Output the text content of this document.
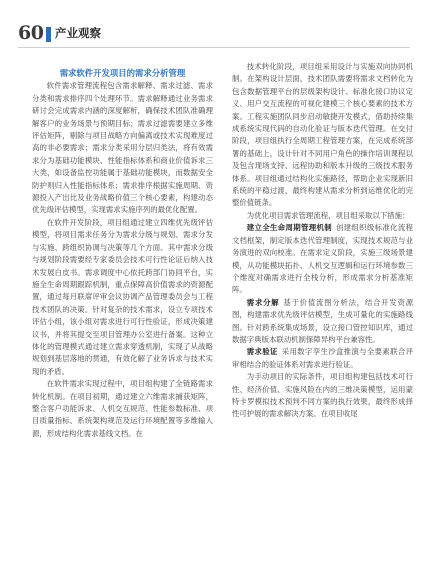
60 产业观察
需求软件开发项目的需求分析管理

软件需求管理流程包含需求解释、需求过滤、需求分类和需求排序四个处理环节。需求解释通过业务需求研讨会完成需求内涵的深度解析，确保技术团队准确理解客户的业务场景与预期目标；需求过滤需要建立多维评估矩阵，剔除与项目战略方向偏离或技术实现难度过高的非必要需求；需求分类采用分层归类法，将有效需求分为基础功能模块、性能指标体系和商业价值诉求三大类，如设备监控功能属于基础功能模块，而数据安全防护则归入性能指标体系；需求排序根据实施周期、资源投入产出比及业务战略价值三个核心要素，构建动态优先级评估模型，实现需求实施序列的最优化配置。

在软件开发阶段，项目组通过建立四维优先级评估模型，将项目需求任务分为需求分级与规划、需求分发与实施、跨组织协调与决策等几个方面。其中需求分级与规划阶段需要经专家委员会技术可行性论证后纳入技术发展白皮书。需求调度中心依托跨部门协同平台，实施全生命周期跟踪机制，重点保障高价值需求的资源配置，通过每月联席评审会议协调产品管理委员会与工程技术团队的决策。针对复杂的技术需求，设立专项技术评估小组，该小组对需求进行可行性验证，形成决策建议书，并将其提交至项目管理办公室进行备案。这种立体化的管理模式通过建立需求穿透机制，实现了从战略规划到基层落地的贯通，有效化解了业务诉求与技术实现的矛盾。

在软件需求实现过程中，项目组构建了全链路需求转化机制。在项目初期，通过建立六维需求捕获矩阵，整合客户功能诉求、人机交互规范、性能参数标准、项目质量指标、系统架构规范及运行环境配置等多维输入源，形成结构化需求基线文档。在

技术转化阶段，项目组采用设计与实施双向协同机制。在架构设计层面，技术团队需要将需求文档转化为包含数据管理平台的层级架构设计、标准化接口协议定义、用户交互流程的可视化建模三个核心要素的技术方案。工程实施团队同步启动敏捷开发模式，借助持续集成系统实现代码的自动化验证与版本迭代管理。在交付阶段，项目组执行全周期工程管理方案，在完成系统部署的基础上，设计针对不同用户角色的操作培训课程以及包含现场支持、远程协助和版本升级的三级技术服务体系。项目组通过结构化实施路径，帮助企业实现新旧系统的平稳过渡，最终构建从需求分析到运维优化的完整价值链条。

为优化项目需求管理流程，项目组采取以下措施：

建立全生命周期管理机制 创建组织级标准化流程文档框架，制定版本迭代管理制度，实现技术规范与业务演进的双向校准。在需求定义阶段，实施三级场景建模，从功能模块拓扑、人机交互逻辑和运行环境参数三个维度对确需求进行全栈分析，形成需求分析基准矩阵。

需求分解 基于价值流图分析法，结合开发资源图，构建需求优先级评估模型，生成可量化的实施路线图。针对跨系统集成场景，设立接口管控知识库，通过数据字典版本联动机制保障异构平台兼容性。

需求验证 采用数字孪生沙盒推演与全要素联合评审相结合的验证体系对需求进行验证。

为手动项目的实际条件，项目组构建包括技术可行性、经济价值、实施风险在内的三维决策模型，运用蒙特卡罗模拟技术预判不同方案的执行效果，最终形成择性可护展的需求解决方案。在项目收尾
